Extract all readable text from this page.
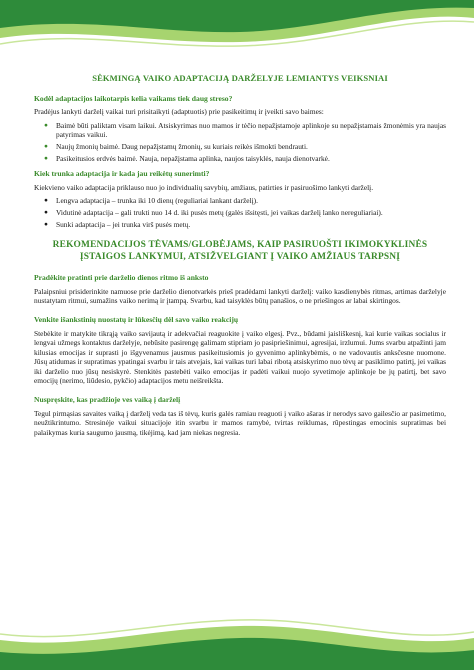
SĖKMINGĄ VAIKO ADAPTACIJĄ DARŽELYJE LEMIANTYS VEIKSNIAI
Kodėl adaptacijos laikotarpis kelia vaikams tiek daug streso?

Pradėjus lankyti darželį vaikai turi prisitaikyti (adaptuotis) prie pasikeitimų ir įveikti savo baimes:

● Baimė būti paliktam visam laikui. Atsiskyrimas nuo mamos ir tėčio nepažįstamoje aplinkoje su nepažįstamais žmonėmis yra naujas patyrimas vaikui.
● Naujų žmonių baimė. Daug nepažįstamų žmonių, su kuriais reikės išmokti bendrauti.
● Pasikeitusios erdvės baimė. Nauja, nepažįstama aplinka, naujos taisyklės, nauja dienotvarkė.
Kiek trunka adaptacija ir kada jau reikėtų sunerimti?

Kiekvieno vaiko adaptacija priklauso nuo jo individualių savybių, amžiaus, patirties ir pasiruošimo lankyti darželį.

● Lengva adaptacija – trunka iki 10 dienų (reguliariai lankant darželį).
● Vidutinė adaptacija – gali trukti nuo 14 d. iki pusės metų (galės išsitęsti, jei vaikas darželį lanko nereguliariai).
● Sunki adaptacija – jei trunka virš pusės metų.
REKOMENDACIJOS TĖVAMS/GLOBĖJAMS, KAIP PASIRUOŠTI IKIMOKYKLINĖS ĮSTAIGOS LANKYMUI, ATSIŽVELGIANT Į VAIKO AMŽIAUS TARPSNĮ
Pradėkite pratinti prie darželio dienos ritmo iš anksto

Palaipsniui prisiderinkite namuose prie darželio dienotvarkės prieš pradėdami lankyti darželį: vaiko kasdienybės ritmas, artimas darželyje nustatytam ritmui, sumažins vaiko nerimą ir įtampą. Svarbu, kad taisyklės būtų panašios, o ne priešingos ar labai skirtingos.

Venkite išankstinių nuostatų ir lūkesčių dėl savo vaiko reakcijų

Stebėkite ir matykite tikrąją vaiko savijautą ir adekvačiai reaguokite į vaiko elgesį. Pvz., būdami jaisliškesnį, kai kurie vaikas socialus ir lengvai užmegs kontaktus darželyje, nebūsite pasirengę galimam stipriam jo pasipriešinimui, agresijai, irzlumui. Jums svarbu atpažinti jam kilusias emocijas ir suprasti jo išgyvenamus jausmus pasikeitusiomis jo gyvenimo aplinkybėmis, o ne vadovautis anksčesne nuomone. Jūsų atidumas ir supratimas ypatingai svarbu ir tais atvejais, kai vaikas turi labai ribotą atsiskyrimo nuo tėvų ar pasiklimo patirtį, jei vaikas iki darželio nuo jūsų nesiskyrė. Stenkitės pastebėti vaiko emocijas ir padėti vaikui nuojo syvetimoje aplinkoje be jų patirtį, bet savo emocijų (nerimo, liūdesio, pykčio) adaptacijos metu neišreikšta.

Nuspręskite, kas pradžioje ves vaiką į darželį

Tegul pirmąsias savaites vaiką į darželį veda tas iš tėvų, kuris galės ramiau reaguoti į vaiko ašaras ir nerodys savo gailesčio ar pasimetimo, neužtikrintumo. Stresinėje vaikui situacijoje itin svarbu ir mamos ramybė, tvirtas reiklumas, rūpestingas emocinis supratimas bei palaikymas kuria saugumo jausmą, tikėjimą, kad jam niekas negresia.
